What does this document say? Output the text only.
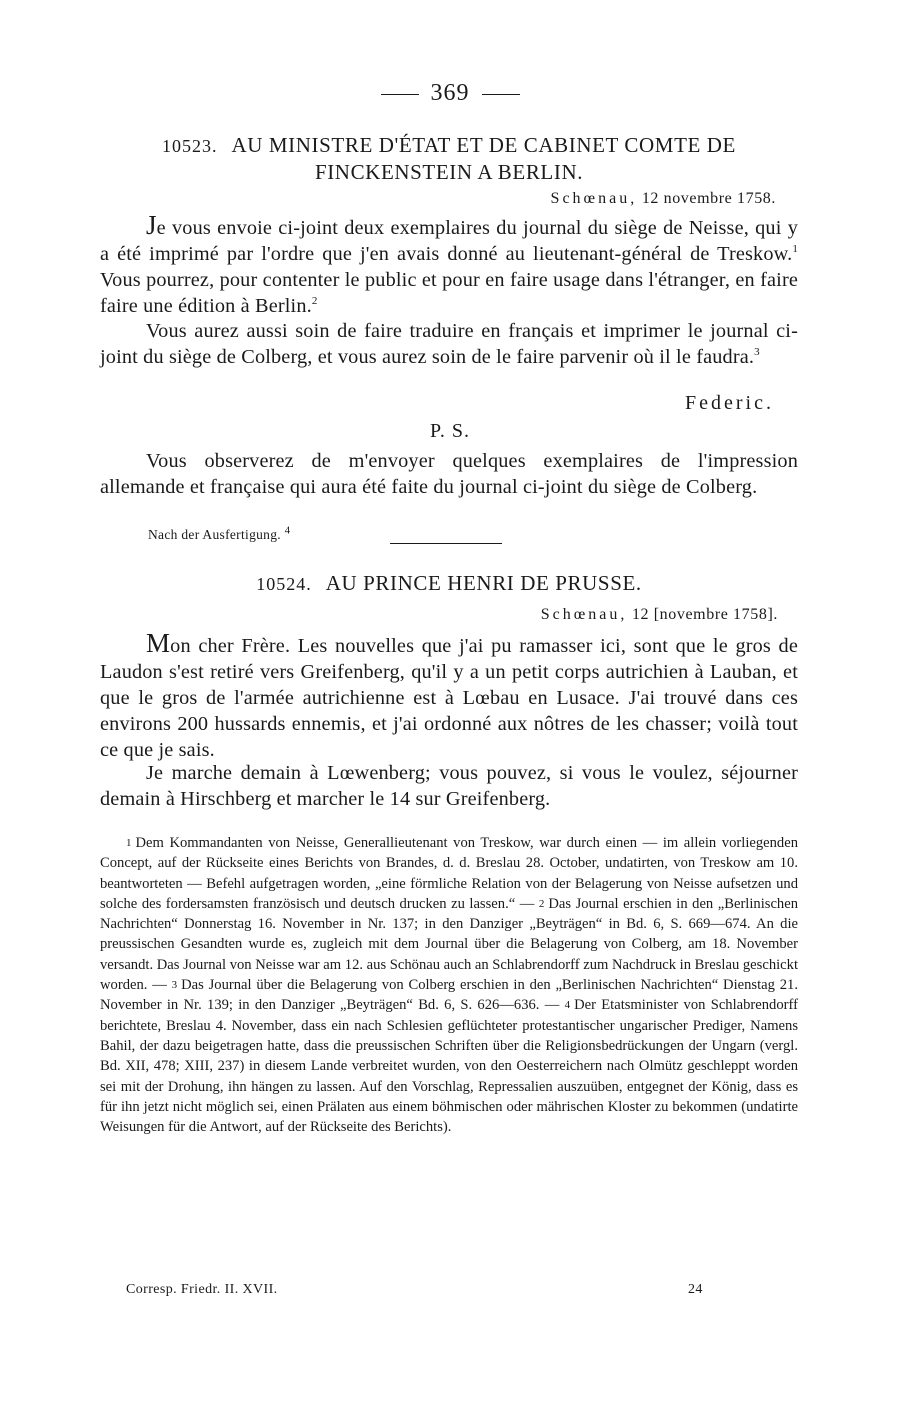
369
10523. AU MINISTRE D'ÉTAT ET DE CABINET COMTE DE FINCKENSTEIN A BERLIN.
Schœnau, 12 novembre 1758.
Je vous envoie ci-joint deux exemplaires du journal du siège de Neisse, qui y a été imprimé par l'ordre que j'en avais donné au lieutenant-général de Treskow.$^1$ Vous pourrez, pour contenter le public et pour en faire usage dans l'étranger, en faire faire une édition à Berlin.$^2$
Vous aurez aussi soin de faire traduire en français et imprimer le journal ci-joint du siège de Colberg, et vous aurez soin de le faire parvenir où il le faudra.$^3$
Federic.
P. S.
Vous observerez de m'envoyer quelques exemplaires de l'impression allemande et française qui aura été faite du journal ci-joint du siège de Colberg.
Nach der Ausfertigung. $^4$
10524. AU PRINCE HENRI DE PRUSSE.
Schœnau, 12 [novembre 1758].
Mon cher Frère. Les nouvelles que j'ai pu ramasser ici, sont que le gros de Laudon s'est retiré vers Greifenberg, qu'il y a un petit corps autrichien à Lauban, et que le gros de l'armée autrichienne est à Lœbau en Lusace. J'ai trouvé dans ces environs 200 hussards ennemis, et j'ai ordonné aux nôtres de les chasser; voilà tout ce que je sais.
Je marche demain à Lœwenberg; vous pouvez, si vous le voulez, séjourner demain à Hirschberg et marcher le 14 sur Greifenberg.

1 Dem Kommandanten von Neisse, Generallieutenant von Treskow, war durch einen — im allein vorliegenden Concept, auf der Rückseite eines Berichts von Brandes, d. d. Breslau 28. October, undatirten, von Treskow am 10. beantworteten — Befehl aufgetragen worden, „eine förmliche Relation von der Belagerung von Neisse aufsetzen und solche des fordersamsten französisch und deutsch drucken zu lassen.“ — 2 Das Journal erschien in den „Berlinischen Nachrichten“ Donnerstag 16. November in Nr. 137; in den Danziger „Beyträgen“ in Bd. 6, S. 669—674. An die preussischen Gesandten wurde es, zugleich mit dem Journal über die Belagerung von Colberg, am 18. November versandt. Das Journal von Neisse war am 12. aus Schönau auch an Schlabrendorff zum Nachdruck in Breslau geschickt worden. — 3 Das Journal über die Belagerung von Colberg erschien in den „Berlinischen Nachrichten“ Dienstag 21. November in Nr. 139; in den Danziger „Beyträgen“ Bd. 6, S. 626—636. — 4 Der Etatsminister von Schlabrendorff berichtete, Breslau 4. November, dass ein nach Schlesien geflüchteter protestantischer ungarischer Prediger, Namens Bahil, der dazu beigetragen hatte, dass die preussischen Schriften über die Religionsbedrückungen der Ungarn (vergl. Bd. XII, 478; XIII, 237) in diesem Lande verbreitet wurden, von den Oesterreichern nach Olmütz geschleppt worden sei mit der Drohung, ihn hängen zu lassen. Auf den Vorschlag, Repressalien auszuüben, entgegnet der König, dass es für ihn jetzt nicht möglich sei, einen Prälaten aus einem böhmischen oder mährischen Kloster zu bekommen (undatirte Weisungen für die Antwort, auf der Rückseite des Berichts).

Corresp. Friedr. II. XVII.	24
